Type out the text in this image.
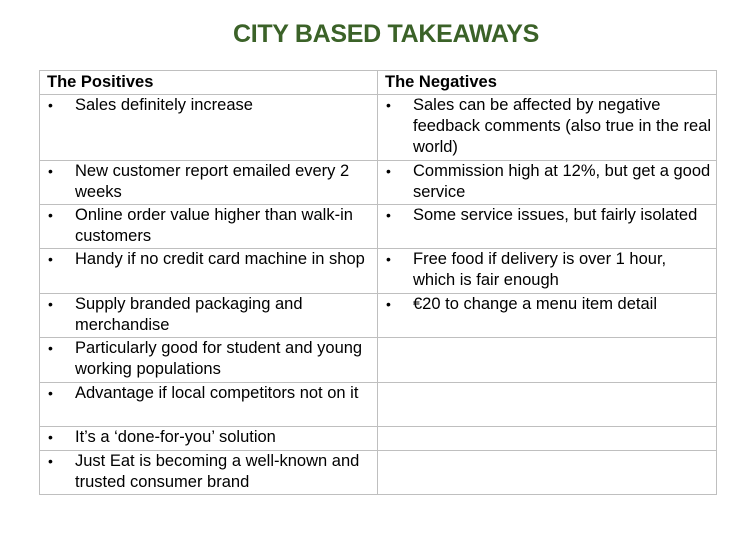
CITY BASED TAKEAWAYS
The Positives	The Negatives

• Sales definitely increase	• Sales can be affected by negative feedback comments (also true in the real world)

• New customer report emailed every 2 weeks	• Commission high at 12%, but get a good service

• Online order value higher than walk-in customers	• Some service issues, but fairly isolated

• Handy if no credit card machine in shop	• Free food if delivery is over 1 hour, which is fair enough

• Supply branded packaging and merchandise	• €20 to change a menu item detail

• Particularly good for student and young working populations	

• Advantage if local competitors not on it	

• It’s a ‘done-for-you’ solution	

• Just Eat is becoming a well-known and trusted consumer brand	
